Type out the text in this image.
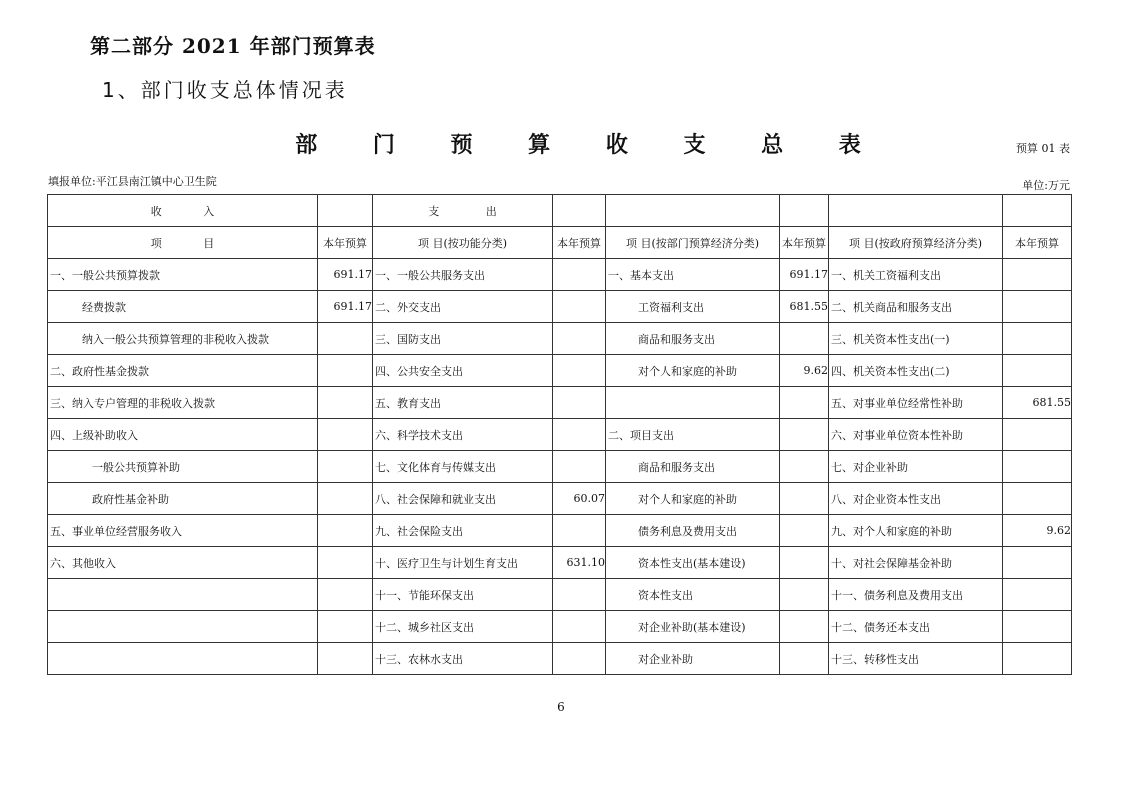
第二部分 2021 年部门预算表
1、部门收支总体情况表
部 门 预 算 收 支 总 表	预算 01 表
填报单位:平江县南江镇中心卫生院	单位:万元
收 入		支 出					

项 目	本年预算	项 目(按功能分类)	本年预算	项 目(按部门预算经济分类)	本年预算	项 目(按政府预算经济分类)	本年预算
一、一般公共预算拨款	691.17	一、一般公共服务支出		一、基本支出	691.17	一、机关工资福利支出	
经费拨款	691.17	二、外交支出		工资福利支出	681.55	二、机关商品和服务支出	
纳入一般公共预算管理的非税收入拨款		三、国防支出		商品和服务支出		三、机关资本性支出(一)	
二、政府性基金拨款		四、公共安全支出		对个人和家庭的补助	9.62	四、机关资本性支出(二)	
三、纳入专户管理的非税收入拨款		五、教育支出				五、对事业单位经常性补助	681.55
四、上级补助收入		六、科学技术支出		二、项目支出		六、对事业单位资本性补助	
一般公共预算补助		七、文化体育与传媒支出		商品和服务支出		七、对企业补助	
政府性基金补助		八、社会保障和就业支出	60.07	对个人和家庭的补助		八、对企业资本性支出	
五、事业单位经营服务收入		九、社会保险支出		债务利息及费用支出		九、对个人和家庭的补助	9.62
六、其他收入		十、医疗卫生与计划生育支出	631.10	资本性支出(基本建设)		十、对社会保障基金补助	
		十一、节能环保支出		资本性支出		十一、债务利息及费用支出	
		十二、城乡社区支出		对企业补助(基本建设)		十二、债务还本支出	
		十三、农林水支出		对企业补助		十三、转移性支出	
6
